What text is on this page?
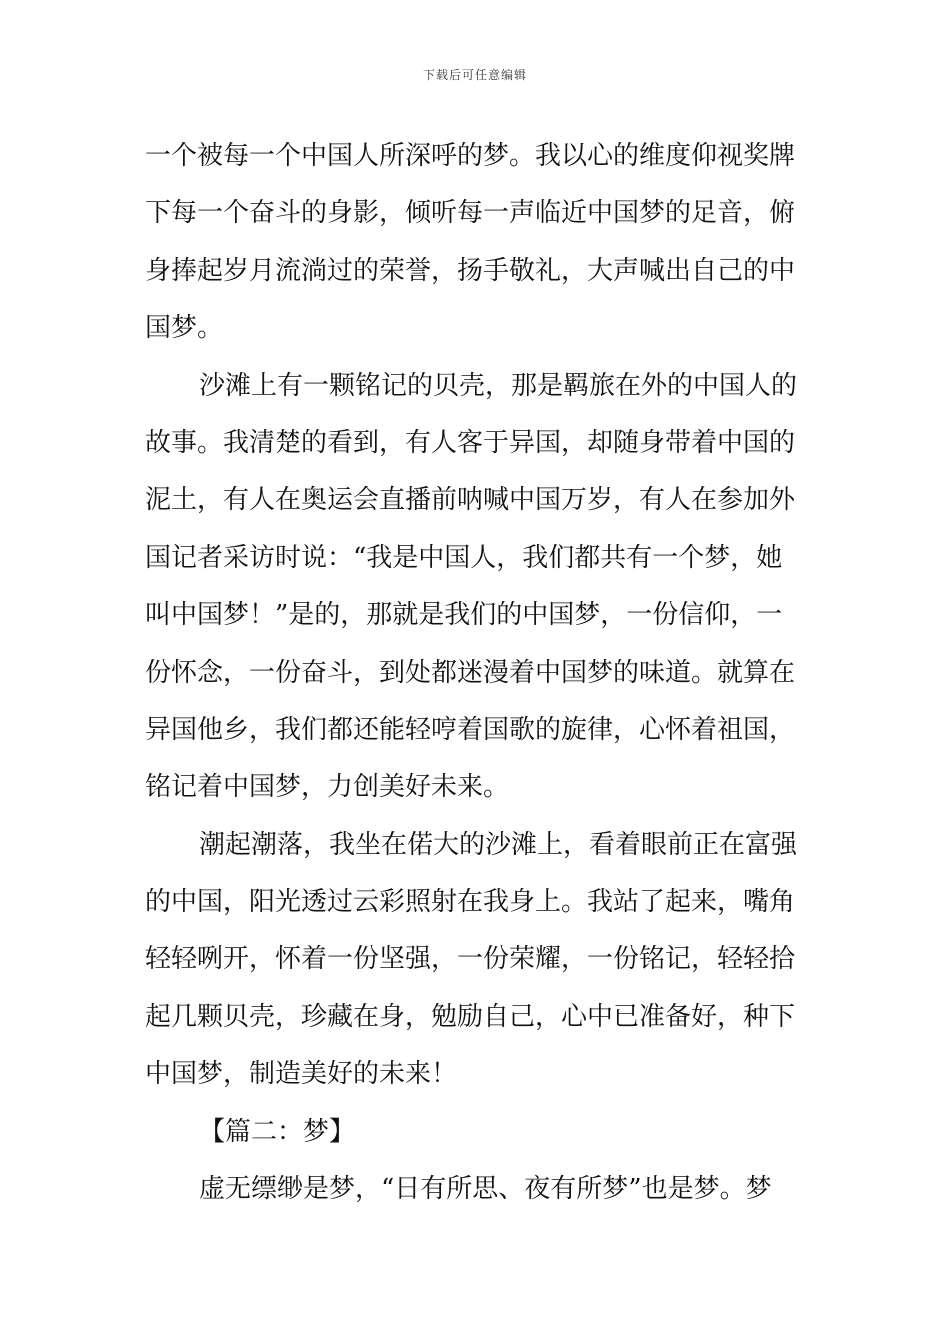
下载后可任意编辑
一个被每一个中国人所深呼的梦。我以心的维度仰视奖牌
下每一个奋斗的身影，倾听每一声临近中国梦的足音，俯
身捧起岁月流淌过的荣誉，扬手敬礼，大声喊出自己的中
国梦。
沙滩上有一颗铭记的贝壳，那是羁旅在外的中国人的
故事。我清楚的看到，有人客于异国，却随身带着中国的
泥土，有人在奥运会直播前呐喊中国万岁，有人在参加外
国记者采访时说：“我是中国人，我们都共有一个梦，她
叫中国梦！”是的，那就是我们的中国梦，一份信仰，一
份怀念，一份奋斗，到处都迷漫着中国梦的味道。就算在
异国他乡，我们都还能轻哼着国歌的旋律，心怀着祖国，
铭记着中国梦，力创美好未来。
潮起潮落，我坐在偌大的沙滩上，看着眼前正在富强
的中国，阳光透过云彩照射在我身上。我站了起来，嘴角
轻轻咧开，怀着一份坚强，一份荣耀，一份铭记，轻轻拾
起几颗贝壳，珍藏在身，勉励自己，心中已准备好，种下
中国梦，制造美好的未来！
【篇二：梦】
虚无缥缈是梦，“日有所思、夜有所梦”也是梦。梦
